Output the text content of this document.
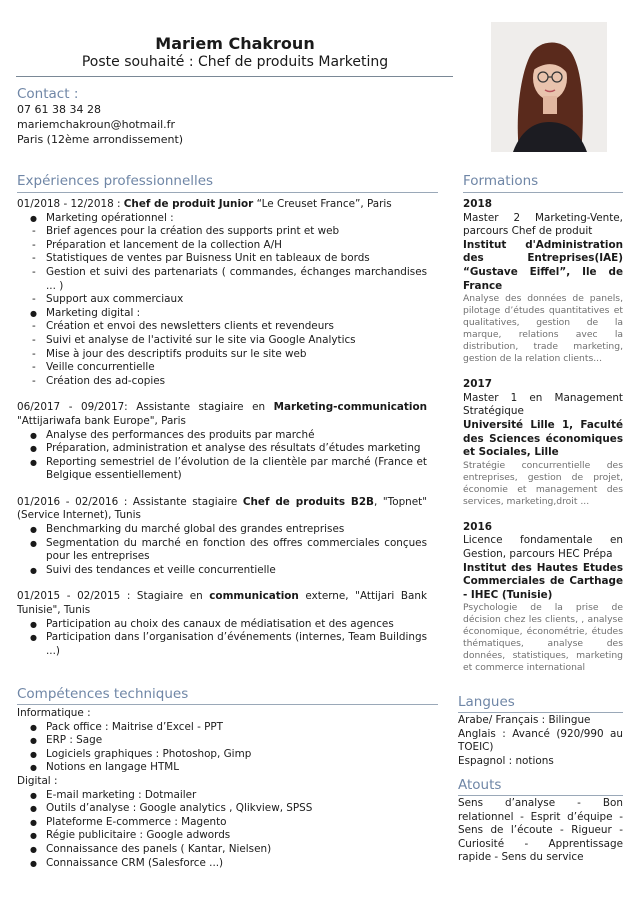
Mariem Chakroun
Poste souhaité : Chef de produits Marketing
Contact :
07 61 38 34 28
mariemchakroun@hotmail.fr
Paris (12ème arrondissement)
Expériences professionnelles
01/2018 - 12/2018 : Chef de produit Junior “Le Creuset France”, Paris
● Marketing opérationnel :
- Brief agences pour la création des supports print et web
- Préparation et lancement de la collection A/H
- Statistiques de ventes par Buisness Unit en tableaux de bords
- Gestion et suivi des partenariats ( commandes, échanges marchandises ... )
- Support aux commerciaux
● Marketing digital :
- Création et envoi des newsletters clients et revendeurs
- Suivi et analyse de l'activité sur le site via Google Analytics
- Mise à jour des descriptifs produits sur le site web
- Veille concurrentielle
- Création des ad-copies
06/2017 - 09/2017: Assistante stagiaire en Marketing-communication "Attijariwafa bank Europe", Paris
● Analyse des performances des produits par marché
● Préparation, administration et analyse des résultats d’études marketing
● Reporting semestriel de l’évolution de la clientèle par marché (France et Belgique essentiellement)
01/2016 - 02/2016 : Assistante stagiaire Chef de produits B2B, "Topnet" (Service Internet), Tunis
● Benchmarking du marché global des grandes entreprises
● Segmentation du marché en fonction des offres commerciales conçues pour les entreprises
● Suivi des tendances et veille concurrentielle
01/2015 - 02/2015 : Stagiaire en communication externe, "Attijari Bank Tunisie", Tunis
● Participation au choix des canaux de médiatisation et des agences
● Participation dans l’organisation d’événements (internes, Team Buildings ...)
Compétences techniques
Informatique :
● Pack office : Maitrise d’Excel - PPT
● ERP : Sage
● Logiciels graphiques : Photoshop, Gimp
● Notions en langage HTML
Digital :
● E-mail marketing : Dotmailer
● Outils d’analyse : Google analytics , Qlikview, SPSS
● Plateforme E-commerce : Magento
● Régie publicitaire : Google adwords
● Connaissance des panels ( Kantar, Nielsen)
● Connaissance CRM (Salesforce ...)
Formations
2018
Master 2 Marketing-Vente, parcours Chef de produit
Institut d'Administration des Entreprises(IAE) “Gustave Eiffel”, Ile de France
Analyse des données de panels, pilotage d’études quantitatives et qualitatives, gestion de la marque, relations avec la distribution, trade marketing, gestion de la relation clients...
2017
Master 1 en Management Stratégique
Université Lille 1, Faculté des Sciences économiques et Sociales, Lille
Stratégie concurrentielle des entreprises, gestion de projet, économie et management des services, marketing,droit ...
2016
Licence fondamentale en Gestion, parcours HEC Prépa
Institut des Hautes Etudes Commerciales de Carthage - IHEC (Tunisie)
Psychologie de la prise de décision chez les clients, , analyse économique, économétrie, études thématiques, analyse des données, statistiques, marketing et commerce international
Langues
Arabe/ Français : Bilingue
Anglais : Avancé (920/990 au TOEIC)
Espagnol : notions
Atouts
Sens d’analyse - Bon relationnel - Esprit d’équipe - Sens de l’écoute - Rigueur - Curiosité - Apprentissage rapide - Sens du service
